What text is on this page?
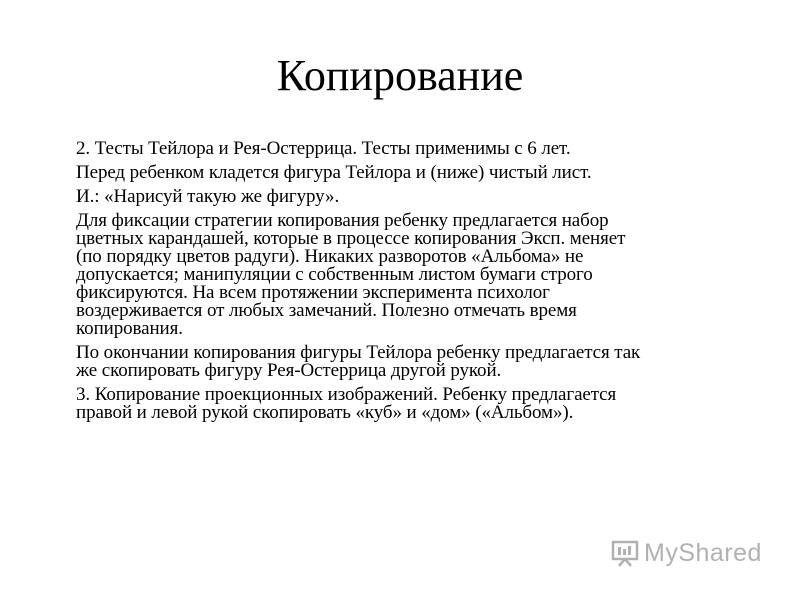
Копирование

2. Тесты Тейлора и Рея-Остеррица. Тесты применимы с 6 лет.

Перед ребенком кладется фигура Тейлора и (ниже) чистый лист.

И.: «Нарисуй такую же фигуру».

Для фиксации стратегии копирования ребенку предлагается набор
цветных карандашей, которые в процессе копирования Эксп. меняет
(по порядку цветов радуги). Никаких разворотов «Альбома» не
допускается; манипуляции с собственным листом бумаги строго
фиксируются. На всем протяжении эксперимента психолог
воздерживается от любых замечаний. Полезно отмечать время
копирования.

По окончании копирования фигуры Тейлора ребенку предлагается так
же скопировать фигуру Рея-Остеррица другой рукой.

3. Копирование проекционных изображений. Ребенку предлагается
правой и левой рукой скопировать «куб» и «дом» («Альбом»).

MyShared
